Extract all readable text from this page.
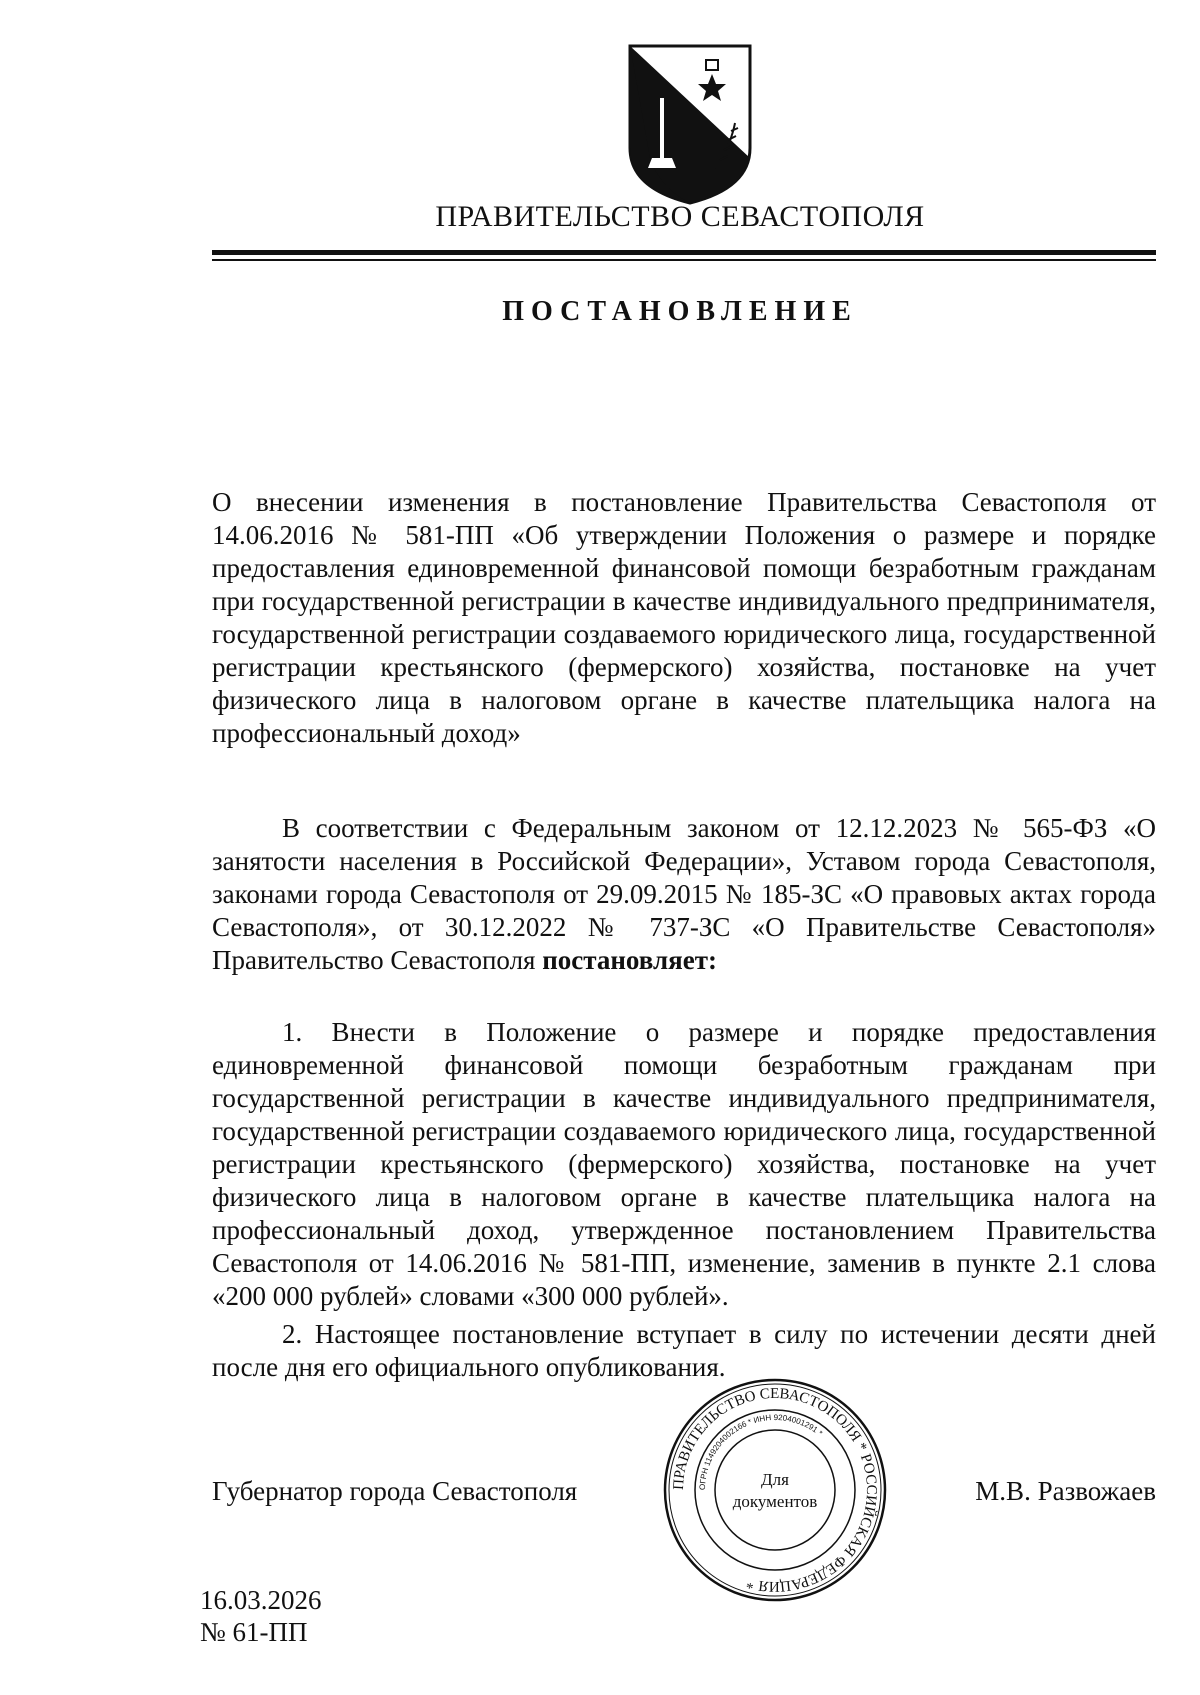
ПРАВИТЕЛЬСТВО СЕВАСТОПОЛЯ
ПОСТАНОВЛЕНИЕ
О внесении изменения в постановление Правительства Севастополя от 14.06.2016 № 581-ПП «Об утверждении Положения о размере и порядке предоставления единовременной финансовой помощи безработным гражданам при государственной регистрации в качестве индивидуального предпринимателя, государственной регистрации создаваемого юридического лица, государственной регистрации крестьянского (фермерского) хозяйства, постановке на учет физического лица в налоговом органе в качестве плательщика налога на профессиональный доход»
В соответствии с Федеральным законом от 12.12.2023 № 565-ФЗ «О занятости населения в Российской Федерации», Уставом города Севастополя, законами города Севастополя от 29.09.2015 № 185-ЗС «О правовых актах города Севастополя», от 30.12.2022 № 737-ЗС «О Правительстве Севастополя» Правительство Севастополя постановляет:
1. Внести в Положение о размере и порядке предоставления единовременной финансовой помощи безработным гражданам при государственной регистрации в качестве индивидуального предпринимателя, государственной регистрации создаваемого юридического лица, государственной регистрации крестьянского (фермерского) хозяйства, постановке на учет физического лица в налоговом органе в качестве плательщика налога на профессиональный доход, утвержденное постановлением Правительства Севастополя от 14.06.2016 № 581-ПП, изменение, заменив в пункте 2.1 слова «200 000 рублей» словами «300 000 рублей».
2. Настоящее постановление вступает в силу по истечении десяти дней после дня его официального опубликования.
Губернатор города Севастополя	М.В. Развожаев
ПРАВИТЕЛЬСТВО СЕВАСТОПОЛЯ * РОССИЙСКАЯ ФЕДЕРАЦИЯ *
ОГРН 1149204002166 * ИНН 9204001291 *
Для
документов
16.03.2026
№ 61-ПП
